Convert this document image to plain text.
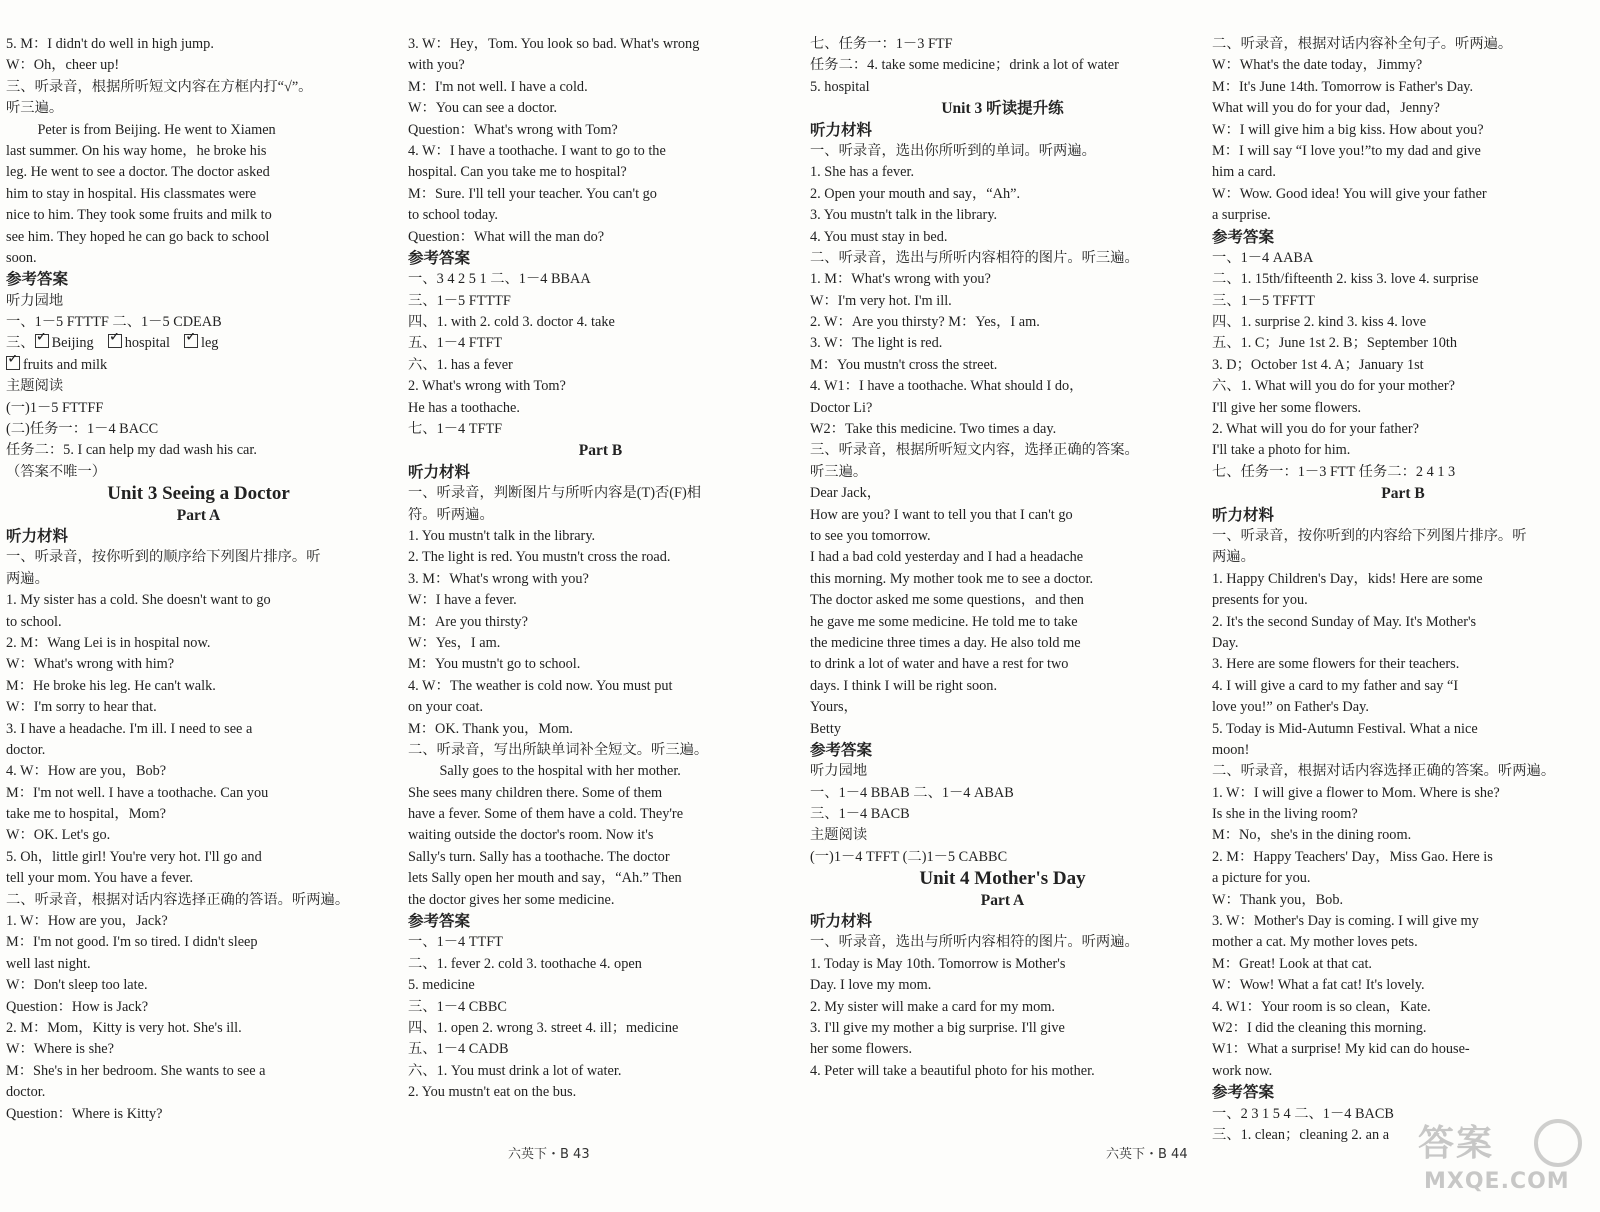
5. M：I didn't do well in high jump.
W：Oh，cheer up!
三、听录音，根据所听短文内容在方框内打“√”。
听三遍。
Peter is from Beijing. He went to Xiamen
last summer. On his way home，he broke his
leg. He went to see a doctor. The doctor asked
him to stay in hospital. His classmates were
nice to him. They took some fruits and milk to
see him. They hoped he can go back to school
soon.
参考答案
听力园地
一、1－5 FTTTF 二、1－5 CDEAB
三、 ✓ Beijing ✓ hospital ✓ leg
✓fruits and milk
主题阅读
(一)1－5 FTTFF
(二)任务一：1－4 BACC
任务二：5. I can help my dad wash his car.
（答案不唯一）
Unit 3 Seeing a Doctor
Part A
听力材料
一、听录音，按你听到的顺序给下列图片排序。听
两遍。
1. My sister has a cold. She doesn't want to go
to school.
2. M：Wang Lei is in hospital now.
W：What's wrong with him?
M：He broke his leg. He can't walk.
W：I'm sorry to hear that.
3. I have a headache. I'm ill. I need to see a
doctor.
4. W：How are you，Bob?
M：I'm not well. I have a toothache. Can you
take me to hospital，Mom?
W：OK. Let's go.
5. Oh，little girl! You're very hot. I'll go and
tell your mom. You have a fever.
二、听录音，根据对话内容选择正确的答语。听两遍。
1. W：How are you，Jack?
M：I'm not good. I'm so tired. I didn't sleep
well last night.
W：Don't sleep too late.
Question：How is Jack?
2. M：Mom，Kitty is very hot. She's ill.
W：Where is she?
M：She's in her bedroom. She wants to see a
doctor.
Question：Where is Kitty?
3. W：Hey，Tom. You look so bad. What's wrong
with you?
M：I'm not well. I have a cold.
W：You can see a doctor.
Question：What's wrong with Tom?
4. W：I have a toothache. I want to go to the
hospital. Can you take me to hospital?
M：Sure. I'll tell your teacher. You can't go
to school today.
Question：What will the man do?
参考答案
一、3 4 2 5 1 二、1－4 BBAA
三、1－5 FTTTF
四、1. with 2. cold 3. doctor 4. take
五、1－4 FTFT
六、1. has a fever
2. What's wrong with Tom?
He has a toothache.
七、1－4 TFTF
Part B
听力材料
一、听录音，判断图片与所听内容是(T)否(F)相
符。听两遍。
1. You mustn't talk in the library.
2. The light is red. You mustn't cross the road.
3. M：What's wrong with you?
W：I have a fever.
M：Are you thirsty?
W：Yes，I am.
M：You mustn't go to school.
4. W：The weather is cold now. You must put
on your coat.
M：OK. Thank you，Mom.
二、听录音，写出所缺单词补全短文。听三遍。
Sally goes to the hospital with her mother.
She sees many children there. Some of them
have a fever. Some of them have a cold. They're
waiting outside the doctor's room. Now it's
Sally's turn. Sally has a toothache. The doctor
lets Sally open her mouth and say，“Ah.” Then
the doctor gives her some medicine.
参考答案
一、1－4 TTFT
二、1. fever 2. cold 3. toothache 4. open
5. medicine
三、1－4 CBBC
四、1. open 2. wrong 3. street 4. ill；medicine
五、1－4 CADB
六、1. You must drink a lot of water.
2. You mustn't eat on the bus.
七、任务一：1－3 FTF
任务二：4. take some medicine；drink a lot of water
5. hospital
Unit 3 听读提升练
听力材料
一、听录音，选出你所听到的单词。听两遍。
1. She has a fever.
2. Open your mouth and say，“Ah”.
3. You mustn't talk in the library.
4. You must stay in bed.
二、听录音，选出与所听内容相符的图片。听三遍。
1. M：What's wrong with you?
W：I'm very hot. I'm ill.
2. W：Are you thirsty? M：Yes，I am.
3. W：The light is red.
M：You mustn't cross the street.
4. W1：I have a toothache. What should I do，
Doctor Li?
W2：Take this medicine. Two times a day.
三、听录音，根据所听短文内容，选择正确的答案。
听三遍。
Dear Jack，
How are you? I want to tell you that I can't go
to see you tomorrow.
I had a bad cold yesterday and I had a headache
this morning. My mother took me to see a doctor.
The doctor asked me some questions，and then
he gave me some medicine. He told me to take
the medicine three times a day. He also told me
to drink a lot of water and have a rest for two
days. I think I will be right soon.
Yours，
Betty
参考答案
听力园地
一、1－4 BBAB 二、1－4 ABAB
三、1－4 BACB
主题阅读
(一)1－4 TFFT (二)1－5 CABBC
Unit 4 Mother's Day
Part A
听力材料
一、听录音，选出与所听内容相符的图片。听两遍。
1. Today is May 10th. Tomorrow is Mother's
Day. I love my mom.
2. My sister will make a card for my mom.
3. I'll give my mother a big surprise. I'll give
her some flowers.
4. Peter will take a beautiful photo for his mother.
二、听录音，根据对话内容补全句子。听两遍。
W：What's the date today，Jimmy?
M：It's June 14th. Tomorrow is Father's Day.
What will you do for your dad，Jenny?
W：I will give him a big kiss. How about you?
M：I will say “I love you!”to my dad and give
him a card.
W：Wow. Good idea! You will give your father
a surprise.
参考答案
一、1－4 AABA
二、1. 15th/fifteenth 2. kiss 3. love 4. surprise
三、1－5 TFFTT
四、1. surprise 2. kind 3. kiss 4. love
五、1. C；June 1st 2. B；September 10th
3. D；October 1st 4. A；January 1st
六、1. What will you do for your mother?
I'll give her some flowers.
2. What will you do for your father?
I'll take a photo for him.
七、任务一：1－3 FTT 任务二：2 4 1 3
Part B
听力材料
一、听录音，按你听到的内容给下列图片排序。听
两遍。
1. Happy Children's Day，kids! Here are some
presents for you.
2. It's the second Sunday of May. It's Mother's
Day.
3. Here are some flowers for their teachers.
4. I will give a card to my father and say “I
love you!” on Father's Day.
5. Today is Mid-Autumn Festival. What a nice
moon!
二、听录音，根据对话内容选择正确的答案。听两遍。
1. W：I will give a flower to Mom. Where is she?
Is she in the living room?
M：No，she's in the dining room.
2. M：Happy Teachers' Day，Miss Gao. Here is
a picture for you.
W：Thank you，Bob.
3. W：Mother's Day is coming. I will give my
mother a cat. My mother loves pets.
M：Great! Look at that cat.
W：Wow! What a fat cat! It's lovely.
4. W1：Your room is so clean，Kate.
W2：I did the cleaning this morning.
W1：What a surprise! My kid can do house-
work now.
参考答案
一、2 3 1 5 4 二、1－4 BACB
三、1. clean；cleaning 2. an a
六英下・B 43	六英下・B 44	答案
MXQE.COM
